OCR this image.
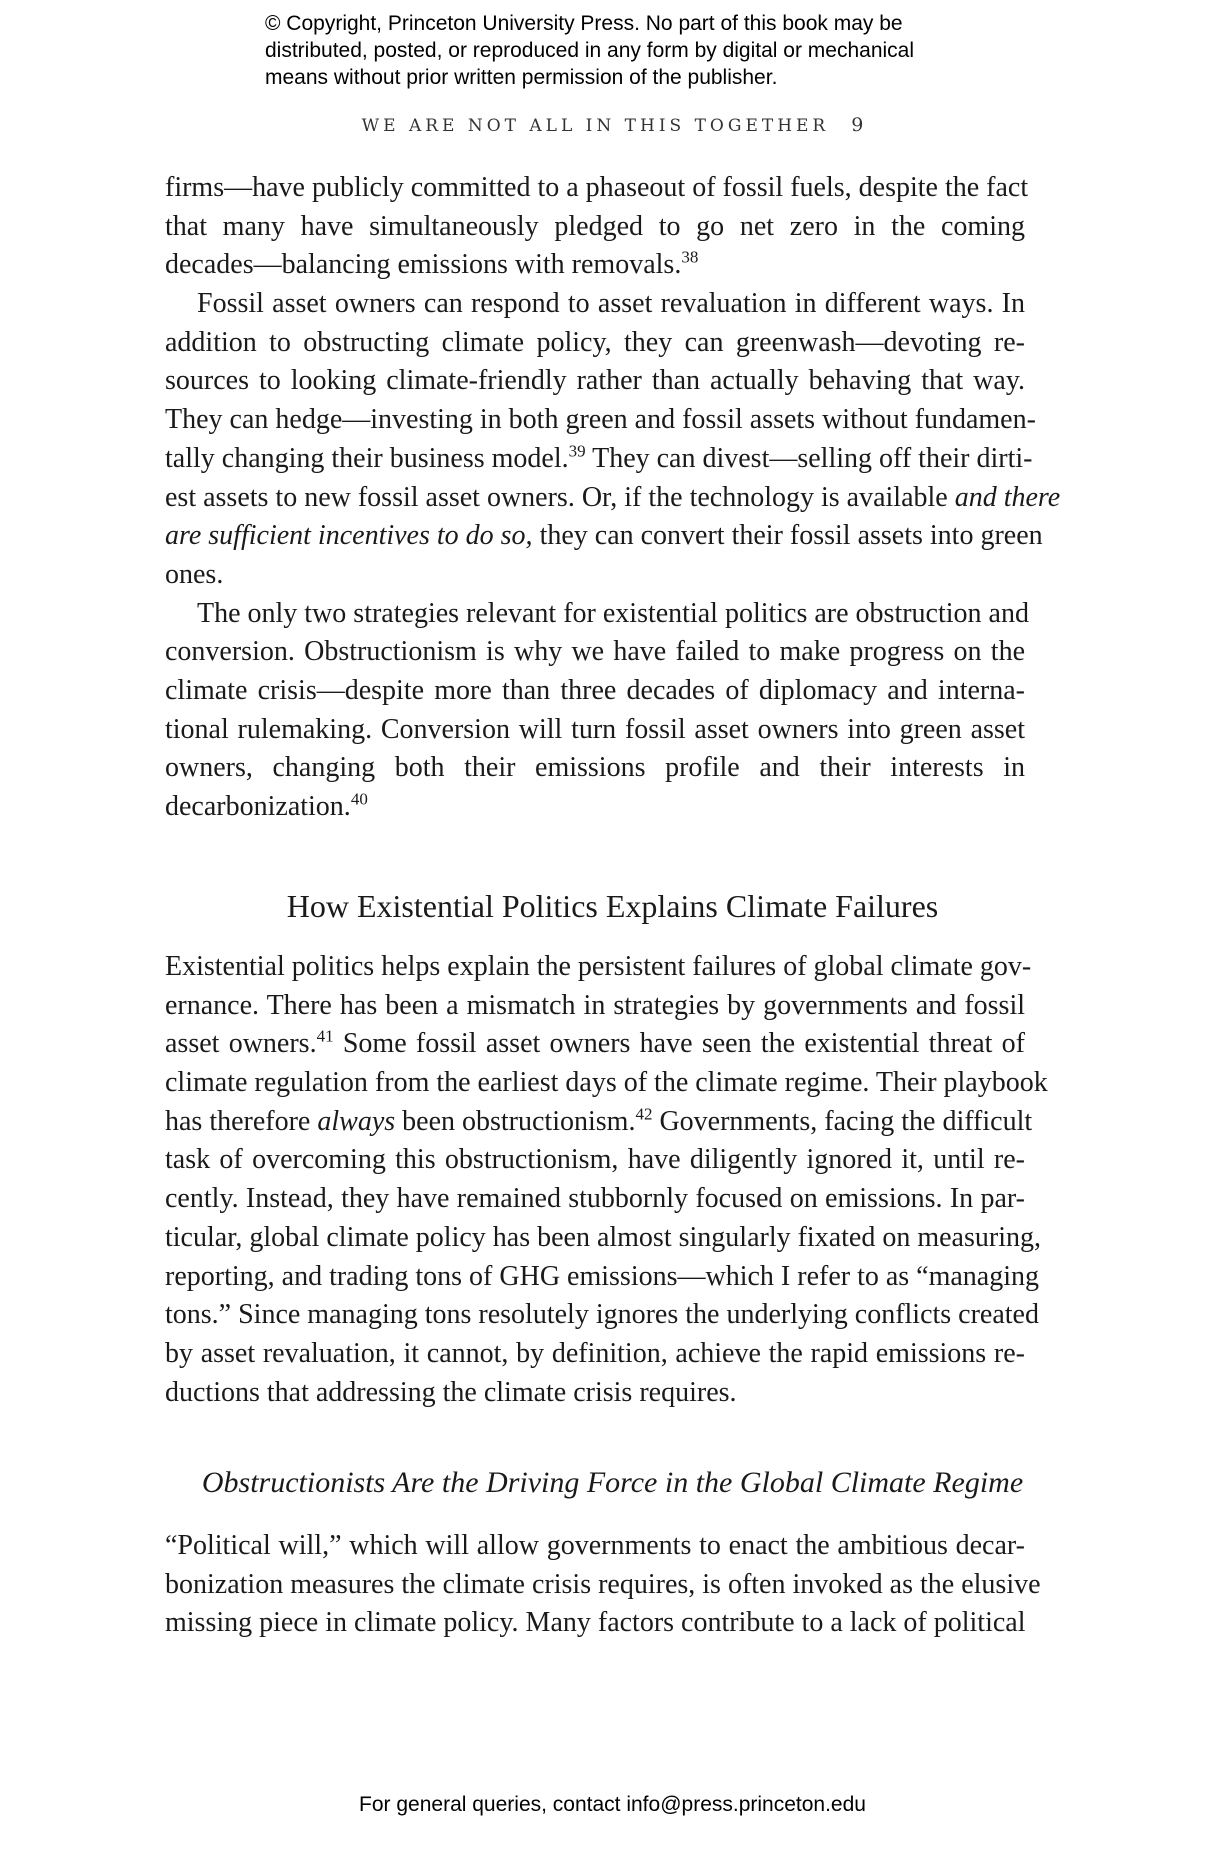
© Copyright, Princeton University Press. No part of this book may be
distributed, posted, or reproduced in any form by digital or mechanical
means without prior written permission of the publisher.
WE ARE NOT ALL IN THIS TOGETHER 9
firms—have publicly committed to a phaseout of fossil fuels, despite the fact
that many have simultaneously pledged to go net zero in the coming
decades—balancing emissions with removals.$^{38}$
Fossil asset owners can respond to asset revaluation in different ways. In
addition to obstructing climate policy, they can greenwash—devoting re-
sources to looking climate-friendly rather than actually behaving that way.
They can hedge—investing in both green and fossil assets without fundamen-
tally changing their business model.$^{39}$ They can divest—selling off their dirti-
est assets to new fossil asset owners. Or, if the technology is available and there
are sufficient incentives to do so, they can convert their fossil assets into green
ones.
The only two strategies relevant for existential politics are obstruction and
conversion. Obstructionism is why we have failed to make progress on the
climate crisis—despite more than three decades of diplomacy and interna-
tional rulemaking. Conversion will turn fossil asset owners into green asset
owners, changing both their emissions profile and their interests in
decarbonization.$^{40}$
How Existential Politics Explains Climate Failures
Existential politics helps explain the persistent failures of global climate gov-
ernance. There has been a mismatch in strategies by governments and fossil
asset owners.$^{41}$ Some fossil asset owners have seen the existential threat of
climate regulation from the earliest days of the climate regime. Their playbook
has therefore always been obstructionism.$^{42}$ Governments, facing the difficult
task of overcoming this obstructionism, have diligently ignored it, until re-
cently. Instead, they have remained stubbornly focused on emissions. In par-
ticular, global climate policy has been almost singularly fixated on measuring,
reporting, and trading tons of GHG emissions—which I refer to as “managing
tons.” Since managing tons resolutely ignores the underlying conflicts created
by asset revaluation, it cannot, by definition, achieve the rapid emissions re-
ductions that addressing the climate crisis requires.
Obstructionists Are the Driving Force in the Global Climate Regime
“Political will,” which will allow governments to enact the ambitious decar-
bonization measures the climate crisis requires, is often invoked as the elusive
missing piece in climate policy. Many factors contribute to a lack of political
For general queries, contact info@press.princeton.edu
